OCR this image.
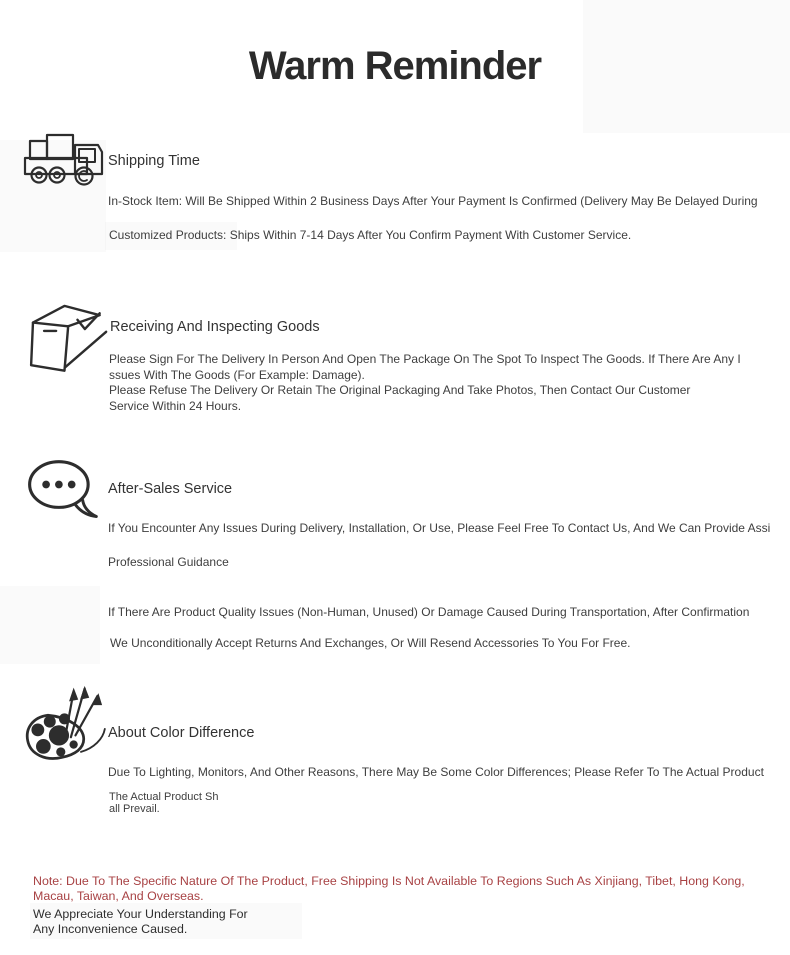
Warm Reminder
Shipping Time
In-Stock Item: Will Be Shipped Within 2 Business Days After Your Payment Is Confirmed (Delivery May Be Delayed During
Customized Products: Ships Within 7-14 Days After You Confirm Payment With Customer Service.
Receiving And Inspecting Goods
Please Sign For The Delivery In Person And Open The Package On The Spot To Inspect The Goods. If There Are Any I
ssues With The Goods (For Example: Damage).
Please Refuse The Delivery Or Retain The Original Packaging And Take Photos, Then Contact Our Customer
Service Within 24 Hours.
After-Sales Service
If You Encounter Any Issues During Delivery, Installation, Or Use, Please Feel Free To Contact Us, And We Can Provide Assi
Professional Guidance
If There Are Product Quality Issues (Non-Human, Unused) Or Damage Caused During Transportation, After Confirmation
We Unconditionally Accept Returns And Exchanges, Or Will Resend Accessories To You For Free.
About Color Difference
Due To Lighting, Monitors, And Other Reasons, There May Be Some Color Differences; Please Refer To The Actual Product
The Actual Product Sh
all Prevail.
Note: Due To The Specific Nature Of The Product, Free Shipping Is Not Available To Regions Such As Xinjiang, Tibet, Hong Kong,
Macau, Taiwan, And Overseas.
We Appreciate Your Understanding For
Any Inconvenience Caused.
